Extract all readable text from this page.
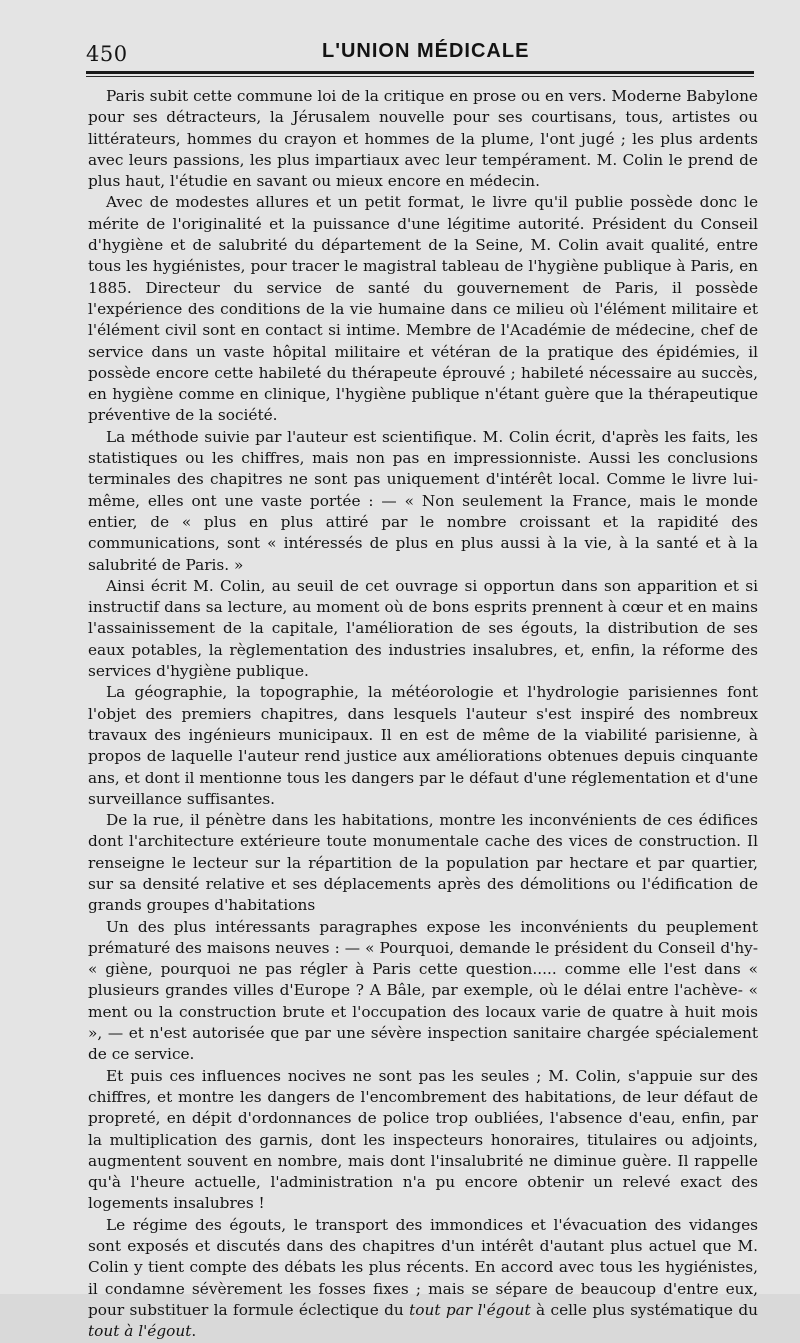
450	L'UNION MÉDICALE

Paris subit cette commune loi de la critique en prose ou en vers. Moderne Babylone pour ses détracteurs, la Jérusalem nouvelle pour ses courtisans, tous, artistes ou littérateurs, hommes du crayon et hommes de la plume, l'ont jugé ; les plus ardents avec leurs passions, les plus impartiaux avec leur tempérament. M. Colin le prend de plus haut, l'étudie en savant ou mieux encore en médecin.

Avec de modestes allures et un petit format, le livre qu'il publie possède donc le mérite de l'originalité et la puissance d'une légitime autorité. Président du Conseil d'hygiène et de salubrité du département de la Seine, M. Colin avait qualité, entre tous les hygiénistes, pour tracer le magistral tableau de l'hygiène publique à Paris, en 1885. Directeur du service de santé du gouvernement de Paris, il possède l'expérience des conditions de la vie humaine dans ce milieu où l'élément militaire et l'élément civil sont en contact si intime. Membre de l'Académie de médecine, chef de service dans un vaste hôpital militaire et vétéran de la pratique des épidémies, il possède encore cette habileté du thérapeute éprouvé ; habileté nécessaire au succès, en hygiène comme en clinique, l'hygiène publique n'étant guère que la thérapeutique préventive de la société.

La méthode suivie par l'auteur est scientifique. M. Colin écrit, d'après les faits, les statistiques ou les chiffres, mais non pas en impressionniste. Aussi les conclusions terminales des chapitres ne sont pas uniquement d'intérêt local. Comme le livre lui-même, elles ont une vaste portée : — « Non seulement la France, mais le monde entier, de « plus en plus attiré par le nombre croissant et la rapidité des communications, sont « intéressés de plus en plus aussi à la vie, à la santé et à la salubrité de Paris. »

Ainsi écrit M. Colin, au seuil de cet ouvrage si opportun dans son apparition et si instructif dans sa lecture, au moment où de bons esprits prennent à cœur et en mains l'assainissement de la capitale, l'amélioration de ses égouts, la distribution de ses eaux potables, la règlementation des industries insalubres, et, enfin, la réforme des services d'hygiène publique.

La géographie, la topographie, la météorologie et l'hydrologie parisiennes font l'objet des premiers chapitres, dans lesquels l'auteur s'est inspiré des nombreux travaux des ingénieurs municipaux. Il en est de même de la viabilité parisienne, à propos de laquelle l'auteur rend justice aux améliorations obtenues depuis cinquante ans, et dont il mentionne tous les dangers par le défaut d'une réglementation et d'une surveillance suffisantes.

De la rue, il pénètre dans les habitations, montre les inconvénients de ces édifices dont l'architecture extérieure toute monumentale cache des vices de construction. Il renseigne le lecteur sur la répartition de la population par hectare et par quartier, sur sa densité relative et ses déplacements après des démolitions ou l'édification de grands groupes d'habitations

Un des plus intéressants paragraphes expose les inconvénients du peuplement prématuré des maisons neuves : — « Pourquoi, demande le président du Conseil d'hy- « giène, pourquoi ne pas régler à Paris cette question..... comme elle l'est dans « plusieurs grandes villes d'Europe ? A Bâle, par exemple, où le délai entre l'achève- « ment ou la construction brute et l'occupation des locaux varie de quatre à huit mois », — et n'est autorisée que par une sévère inspection sanitaire chargée spécialement de ce service.

Et puis ces influences nocives ne sont pas les seules ; M. Colin, s'appuie sur des chiffres, et montre les dangers de l'encombrement des habitations, de leur défaut de propreté, en dépit d'ordonnances de police trop oubliées, l'absence d'eau, enfin, par la multiplication des garnis, dont les inspecteurs honoraires, titulaires ou adjoints, augmentent souvent en nombre, mais dont l'insalubrité ne diminue guère. Il rappelle qu'à l'heure actuelle, l'administration n'a pu encore obtenir un relevé exact des logements insalubres !

Le régime des égouts, le transport des immondices et l'évacuation des vidanges sont exposés et discutés dans des chapitres d'un intérêt d'autant plus actuel que M. Colin y tient compte des débats les plus récents. En accord avec tous les hygiénistes, il condamne sévèrement les fosses fixes ; mais se sépare de beaucoup d'entre eux, pour substituer la formule éclectique du tout par l'égout à celle plus systématique du tout à l'égout.
